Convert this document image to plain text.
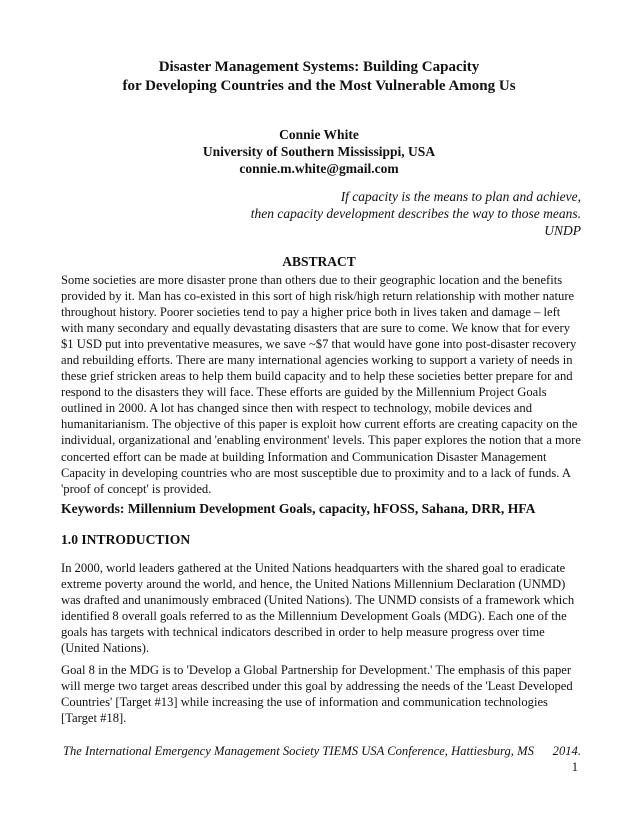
Disaster Management Systems: Building Capacity
for Developing Countries and the Most Vulnerable Among Us
Connie White
University of Southern Mississippi, USA
connie.m.white@gmail.com
If capacity is the means to plan and achieve,
then capacity development describes the way to those means.
UNDP
ABSTRACT
Some societies are more disaster prone than others due to their geographic location and the benefits
provided by it. Man has co-existed in this sort of high risk/high return relationship with mother nature
throughout history. Poorer societies tend to pay a higher price both in lives taken and damage – left
with many secondary and equally devastating disasters that are sure to come. We know that for every
$1 USD put into preventative measures, we save ~$7 that would have gone into post-disaster recovery
and rebuilding efforts. There are many international agencies working to support a variety of needs in
these grief stricken areas to help them build capacity and to help these societies better prepare for and
respond to the disasters they will face. These efforts are guided by the Millennium Project Goals
outlined in 2000. A lot has changed since then with respect to technology, mobile devices and
humanitarianism. The objective of this paper is exploit how current efforts are creating capacity on the
individual, organizational and 'enabling environment' levels. This paper explores the notion that a more
concerted effort can be made at building Information and Communication Disaster Management
Capacity in developing countries who are most susceptible due to proximity and to a lack of funds. A
'proof of concept' is provided.
Keywords: Millennium Development Goals, capacity, hFOSS, Sahana, DRR, HFA
1.0 INTRODUCTION
In 2000, world leaders gathered at the United Nations headquarters with the shared goal to eradicate
extreme poverty around the world, and hence, the United Nations Millennium Declaration (UNMD)
was drafted and unanimously embraced (United Nations). The UNMD consists of a framework which
identified 8 overall goals referred to as the Millennium Development Goals (MDG). Each one of the
goals has targets with technical indicators described in order to help measure progress over time
(United Nations).
Goal 8 in the MDG is to 'Develop a Global Partnership for Development.' The emphasis of this paper
will merge two target areas described under this goal by addressing the needs of the 'Least Developed
Countries' [Target #13] while increasing the use of information and communication technologies
[Target #18].
The International Emergency Management Society TIEMS USA Conference, Hattiesburg, MS 2014.
1
